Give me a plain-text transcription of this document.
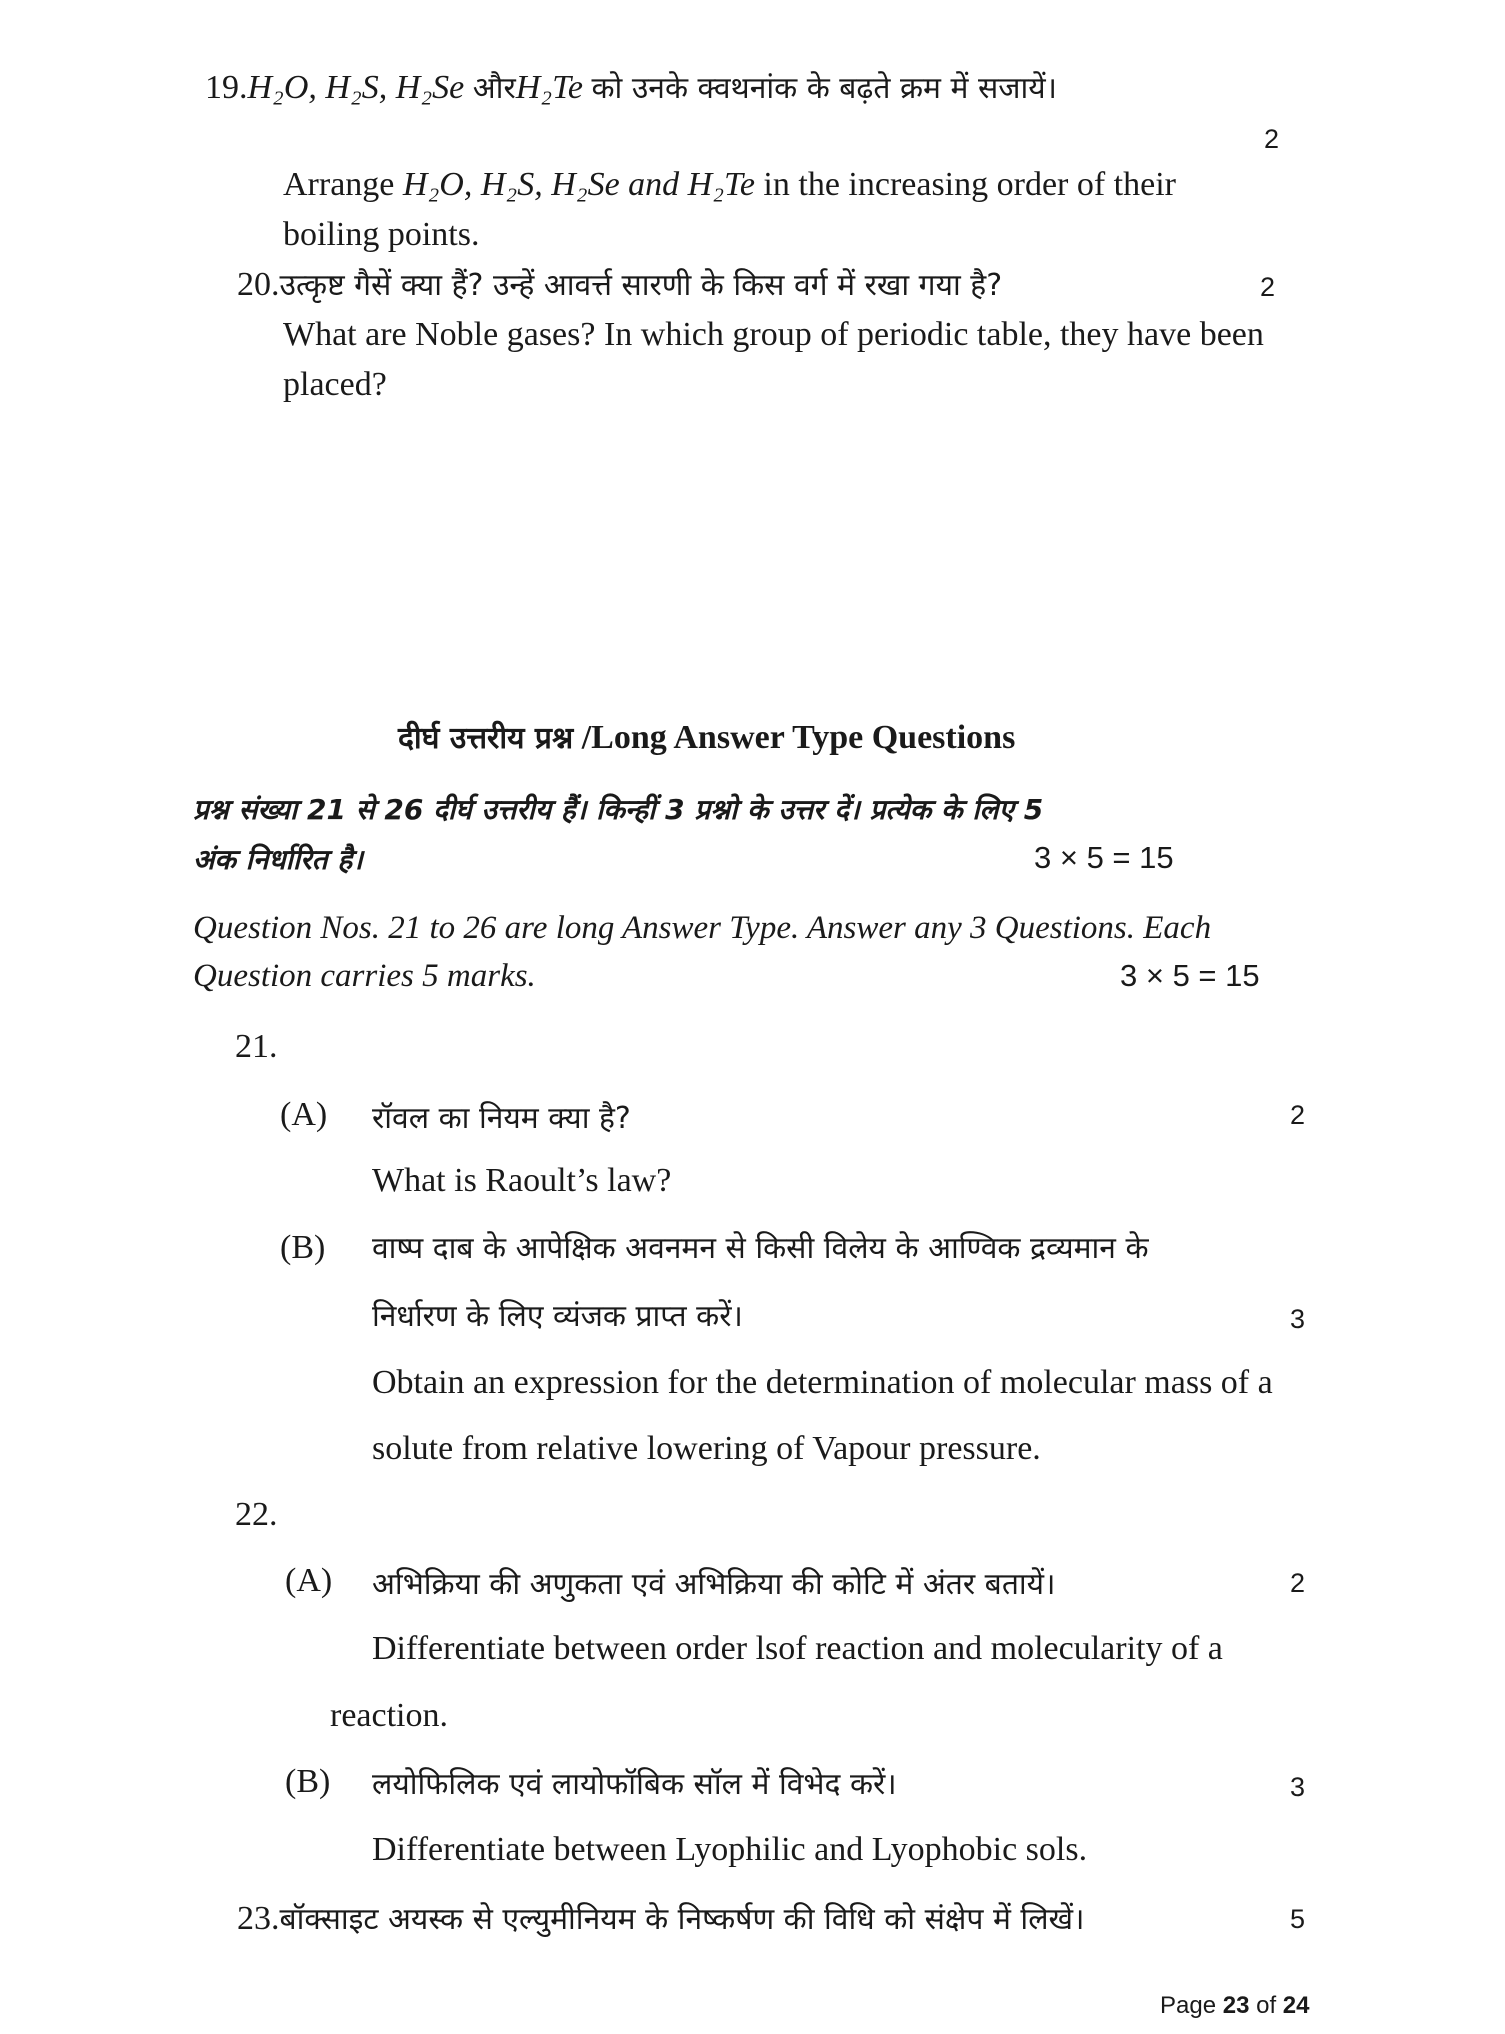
19.H₂O, H₂S, H₂Se औरH₂Te को उनके क्वथनांक के बढ़ते क्रम में सजायें।
2
Arrange H₂O, H₂S, H₂Se and H₂Te in the increasing order of their
boiling points.
20.उत्कृष्ट गैसें क्या हैं? उन्हें आवर्त्त सारणी के किस वर्ग में रखा गया है?	2
What are Noble gases? In which group of periodic table, they have been
placed?
दीर्घ उत्तरीय प्रश्न /Long Answer Type Questions
प्रश्न संख्या 21 से 26 दीर्घ उत्तरीय हैं। किन्हीं 3 प्रश्नो के उत्तर दें। प्रत्येक के लिए 5
अंक निर्धारित है।	3 × 5 = 15
Question Nos. 21 to 26 are long Answer Type. Answer any 3 Questions. Each
Question carries 5 marks.	3 × 5 = 15
21.
(A) रॉवल का नियम क्या है?	2
What is Raoult’s law?
(B) वाष्प दाब के आपेक्षिक अवनमन से किसी विलेय के आण्विक द्रव्यमान के
निर्धारण के लिए व्यंजक प्राप्त करें।	3
Obtain an expression for the determination of molecular mass of a
solute from relative lowering of Vapour pressure.
22.
(A) अभिक्रिया की अणुकता एवं अभिक्रिया की कोटि में अंतर बतायें।	2
Differentiate between order lsof reaction and molecularity of a
reaction.
(B) लयोफिलिक एवं लायोफॉबिक सॉल में विभेद करें।	3
Differentiate between Lyophilic and Lyophobic sols.
23.बॉक्साइट अयस्क से एल्युमीनियम के निष्कर्षण की विधि को संक्षेप में लिखें।	5
Page 23 of 24
